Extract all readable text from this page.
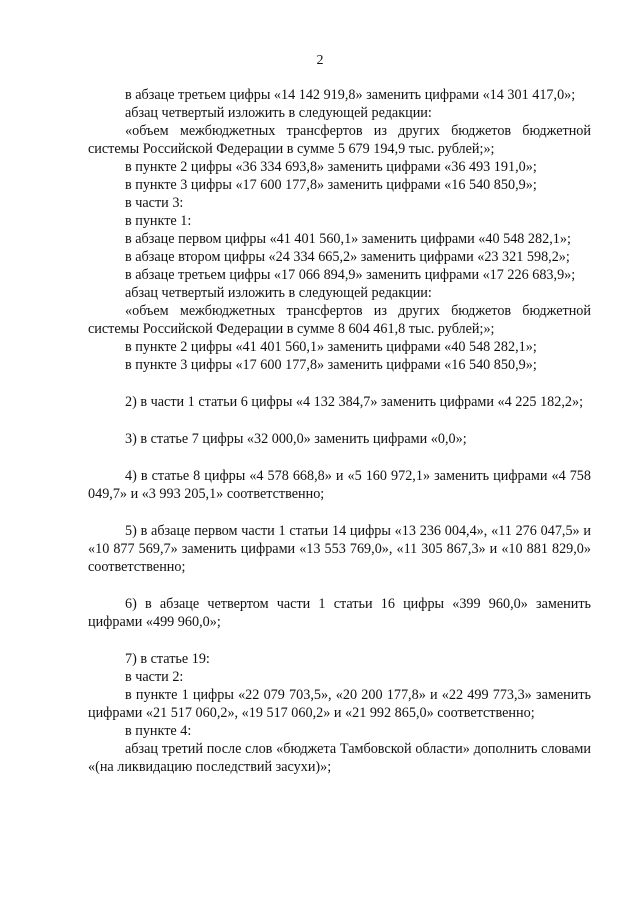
2

в абзаце третьем цифры «14 142 919,8» заменить цифрами «14 301 417,0»;

абзац четвертый изложить в следующей редакции:

«объем межбюджетных трансфертов из других бюджетов бюджетной системы Российской Федерации в сумме 5 679 194,9 тыс. рублей;»;

в пункте 2 цифры «36 334 693,8» заменить цифрами «36 493 191,0»;

в пункте 3 цифры «17 600 177,8» заменить цифрами «16 540 850,9»;

в части 3:

в пункте 1:

в абзаце первом цифры «41 401 560,1» заменить цифрами «40 548 282,1»;

в абзаце втором цифры «24 334 665,2» заменить цифрами «23 321 598,2»;

в абзаце третьем цифры «17 066 894,9» заменить цифрами «17 226 683,9»;

абзац четвертый изложить в следующей редакции:

«объем межбюджетных трансфертов из других бюджетов бюджетной системы Российской Федерации в сумме 8 604 461,8 тыс. рублей;»;

в пункте 2 цифры «41 401 560,1» заменить цифрами «40 548 282,1»;

в пункте 3 цифры «17 600 177,8» заменить цифрами «16 540 850,9»;

2) в части 1 статьи 6 цифры «4 132 384,7» заменить цифрами «4 225 182,2»;

3) в статье 7 цифры «32 000,0» заменить цифрами «0,0»;

4) в статье 8 цифры «4 578 668,8» и «5 160 972,1» заменить цифрами «4 758 049,7» и «3 993 205,1» соответственно;

5) в абзаце первом части 1 статьи 14 цифры «13 236 004,4», «11 276 047,5» и «10 877 569,7» заменить цифрами «13 553 769,0», «11 305 867,3» и «10 881 829,0» соответственно;

6) в абзаце четвертом части 1 статьи 16 цифры «399 960,0» заменить цифрами «499 960,0»;

7) в статье 19:

в части 2:

в пункте 1 цифры «22 079 703,5», «20 200 177,8» и «22 499 773,3» заменить цифрами «21 517 060,2», «19 517 060,2» и «21 992 865,0» соответственно;

в пункте 4:

абзац третий после слов «бюджета Тамбовской области» дополнить словами «(на ликвидацию последствий засухи)»;
